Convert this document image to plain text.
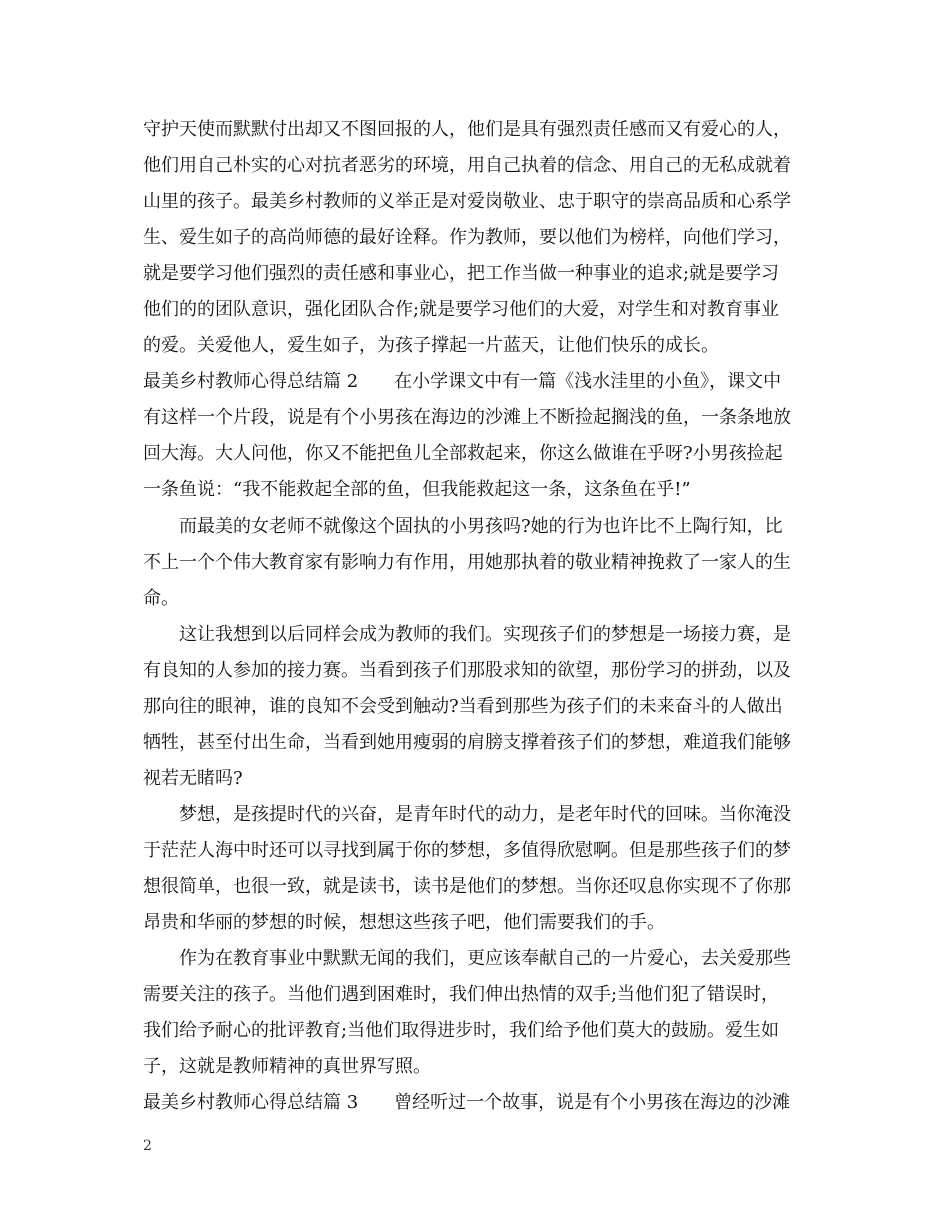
守护天使而默默付出却又不图回报的人，他们是具有强烈责任感而又有爱心的人，
他们用自己朴实的心对抗者恶劣的环境，用自己执着的信念、用自己的无私成就着
山里的孩子。最美乡村教师的义举正是对爱岗敬业、忠于职守的崇高品质和心系学
生、爱生如子的高尚师德的最好诠释。作为教师，要以他们为榜样，向他们学习，
就是要学习他们强烈的责任感和事业心，把工作当做一种事业的追求;就是要学习
他们的的团队意识，强化团队合作;就是要学习他们的大爱，对学生和对教育事业
的爱。关爱他人，爱生如子，为孩子撑起一片蓝天，让他们快乐的成长。
最美乡村教师心得总结篇 2　　在小学课文中有一篇《浅水洼里的小鱼》，课文中
有这样一个片段，说是有个小男孩在海边的沙滩上不断捡起搁浅的鱼，一条条地放
回大海。大人问他，你又不能把鱼儿全部救起来，你这么做谁在乎呀?小男孩捡起
一条鱼说：“我不能救起全部的鱼，但我能救起这一条，这条鱼在乎!”
　　而最美的女老师不就像这个固执的小男孩吗?她的行为也许比不上陶行知，比
不上一个个伟大教育家有影响力有作用，用她那执着的敬业精神挽救了一家人的生
命。
　　这让我想到以后同样会成为教师的我们。实现孩子们的梦想是一场接力赛，是
有良知的人参加的接力赛。当看到孩子们那股求知的欲望，那份学习的拼劲，以及
那向往的眼神，谁的良知不会受到触动?当看到那些为孩子们的未来奋斗的人做出
牺牲，甚至付出生命，当看到她用瘦弱的肩膀支撑着孩子们的梦想，难道我们能够
视若无睹吗?
　　梦想，是孩提时代的兴奋，是青年时代的动力，是老年时代的回味。当你淹没
于茫茫人海中时还可以寻找到属于你的梦想，多值得欣慰啊。但是那些孩子们的梦
想很简单，也很一致，就是读书，读书是他们的梦想。当你还叹息你实现不了你那
昂贵和华丽的梦想的时候，想想这些孩子吧，他们需要我们的手。
　　作为在教育事业中默默无闻的我们，更应该奉献自己的一片爱心，去关爱那些
需要关注的孩子。当他们遇到困难时，我们伸出热情的双手;当他们犯了错误时，
我们给予耐心的批评教育;当他们取得进步时，我们给予他们莫大的鼓励。爱生如
子，这就是教师精神的真世界写照。
最美乡村教师心得总结篇 3　　曾经听过一个故事，说是有个小男孩在海边的沙滩
2
